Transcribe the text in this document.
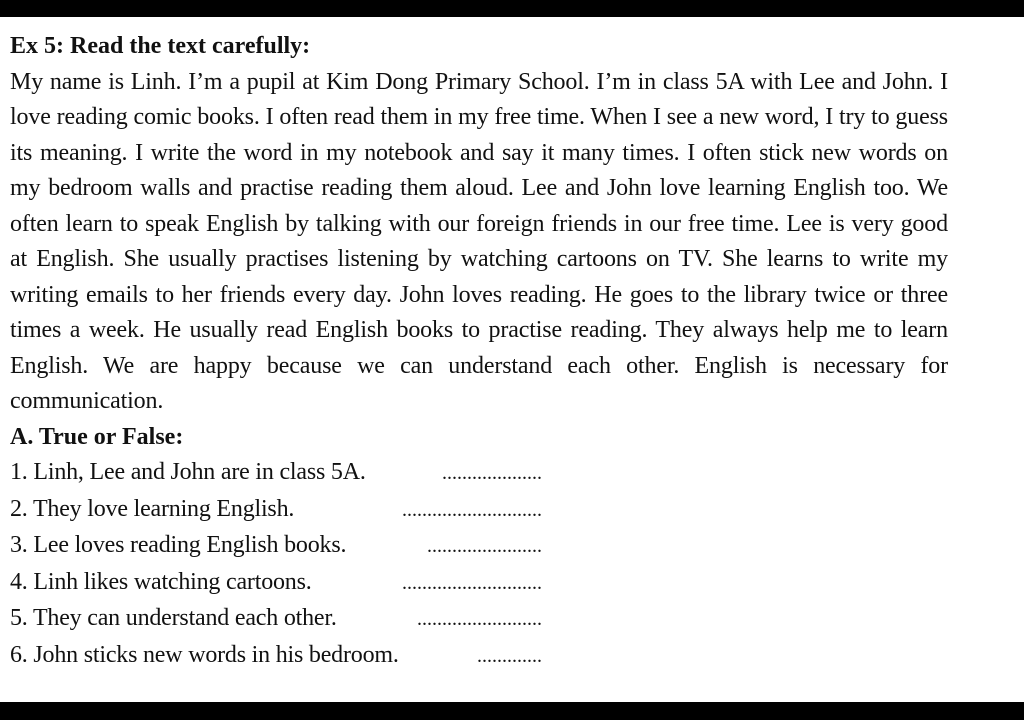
Ex 5: Read the text carefully:

My name is Linh. I’m a pupil at Kim Dong Primary School. I’m in class 5A with Lee and John. I love reading comic books. I often read them in my free time. When I see a new word, I try to guess its meaning. I write the word in my notebook and say it many times. I often stick new words on my bedroom walls and practise reading them aloud. Lee and John love learning English too. We often learn to speak English by talking with our foreign friends in our free time. Lee is very good at English. She usually practises listening by watching cartoons on TV. She learns to write my writing emails to her friends every day. John loves reading. He goes to the library twice or three times a week. He usually read English books to practise reading. They always help me to learn English. We are happy because we can understand each other. English is necessary for communication.

A. True or False:

1. Linh, Lee and John are in class 5A.	....................
2. They love learning English.	............................
3. Lee loves reading English books.	.......................
4. Linh likes watching cartoons.	............................
5. They can understand each other.	.........................
6. John sticks new words in his bedroom.	.............
